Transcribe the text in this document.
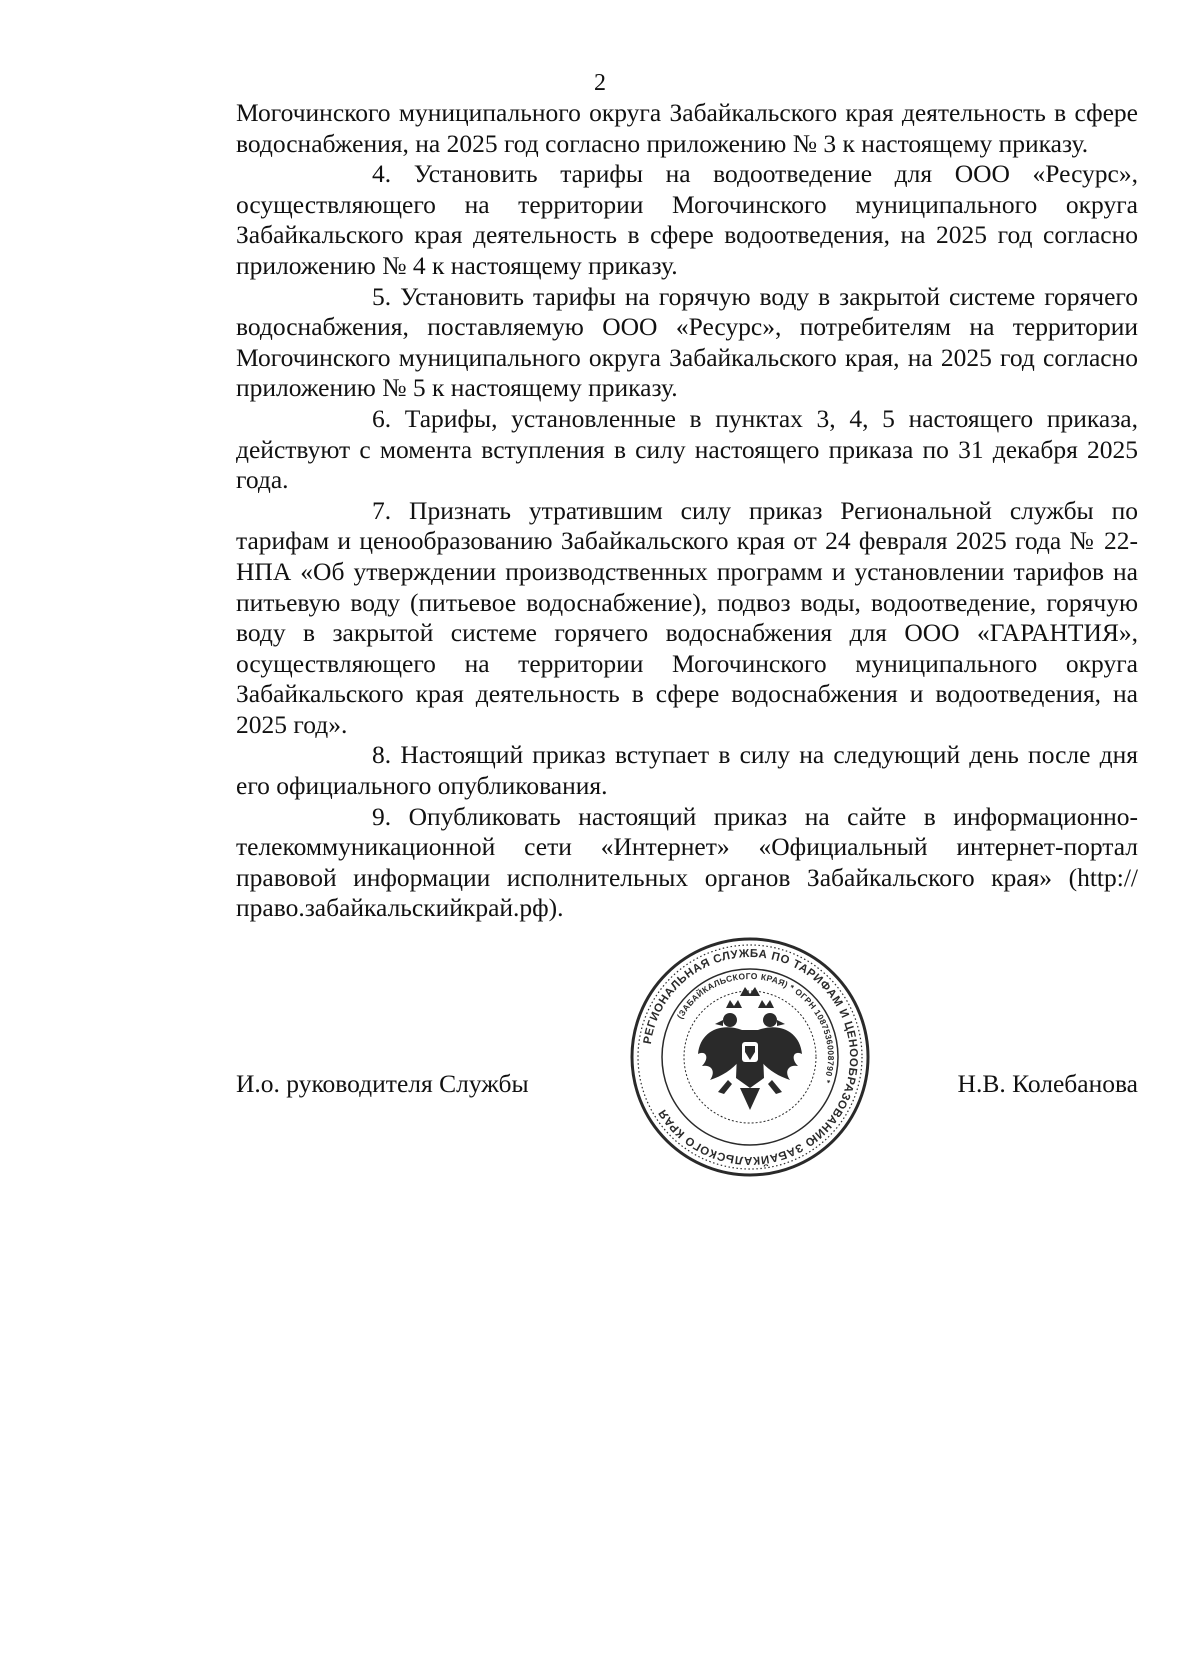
2

Могочинского муниципального округа Забайкальского края деятельность в сфере водоснабжения, на 2025 год согласно приложению № 3 к настоящему приказу.

4. Установить тарифы на водоотведение для ООО «Ресурс», осуществляющего на территории Могочинского муниципального округа Забайкальского края деятельность в сфере водоотведения, на 2025 год согласно приложению № 4 к настоящему приказу.

5. Установить тарифы на горячую воду в закрытой системе горячего водоснабжения, поставляемую ООО «Ресурс», потребителям на территории Могочинского муниципального округа Забайкальского края, на 2025 год согласно приложению № 5 к настоящему приказу.

6. Тарифы, установленные в пунктах 3, 4, 5 настоящего приказа, действуют с момента вступления в силу настоящего приказа по 31 декабря 2025 года.

7. Признать утратившим силу приказ Региональной службы по тарифам и ценообразованию Забайкальского края от 24 февраля 2025 года № 22-НПА «Об утверждении производственных программ и установлении тарифов на питьевую воду (питьевое водоснабжение), подвоз воды, водоотведение, горячую воду в закрытой системе горячего водоснабжения для ООО «ГАРАНТИЯ», осуществляющего на территории Могочинского муниципального округа Забайкальского края деятельность в сфере водоснабжения и водоотведения, на 2025 год».

8. Настоящий приказ вступает в силу на следующий день после дня его официального опубликования.

9. Опубликовать настоящий приказ на сайте в информационно-телекоммуникационной сети «Интернет» «Официальный интернет-портал правовой информации исполнительных органов Забайкальского края» (http://право.забайкальскийкрай.рф).

И.о. руководителя Службы	Н.В. Колебанова
РЕГИОНАЛЬНАЯ СЛУЖБА ПО ТАРИФАМ И ЦЕНООБРАЗОВАНИЮ ЗАБАЙКАЛЬСКОГО КРАЯ
(ЗАБАЙКАЛЬСКОГО КРАЯ) * ОГРН 1087536008790 *
